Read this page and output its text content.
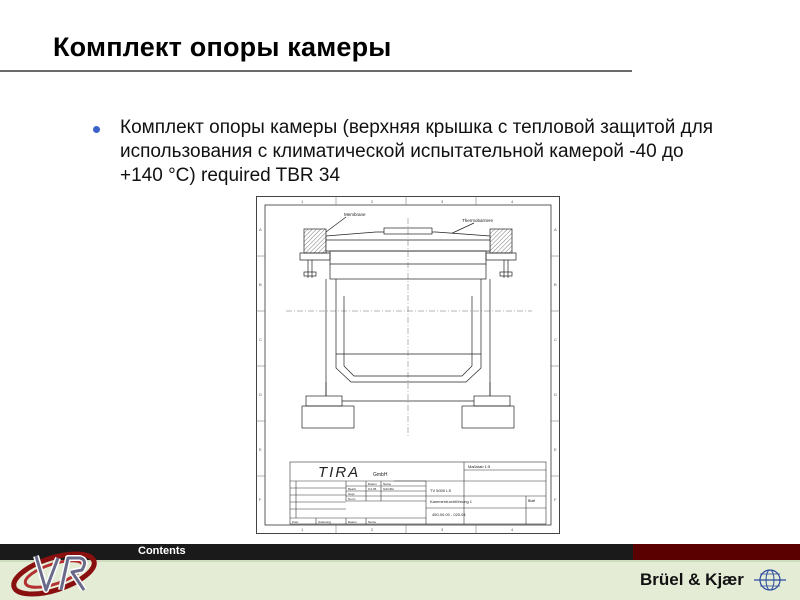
Комплект опоры камеры
Комплект опоры камеры (верхняя крышка с тепловой защитой для использования с климатической испытательной камерой -40 до +140 °С) required TBR 34
1	2	3	4
1	2	3	4
A
B
C
D
E
F
A
B
C
D
E
F
Membrane
Thermobarriere
TIRA	GmbH
Maßstab 1:5
TV 5000 LS
Kammerdurchführung 1
450.00.00 - 020.04
Blatt
Datum Name
Bearb.	9.2.05 Schöffel
Gepr.
Norm
Zust.	Änderung	Datum	Name
Contents
Brüel & Kjær
